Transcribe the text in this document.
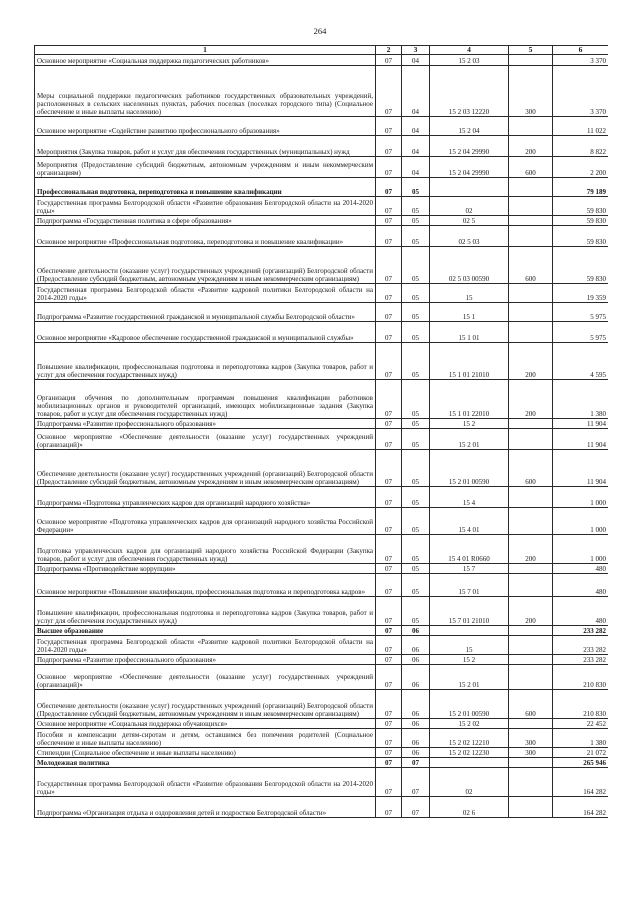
264
1	2	3	4	5	6
Основное мероприятие «Социальная поддержка педагогических работников»	07	04	15 2 03		3 370
Меры социальной поддержки педагогических работников государственных образовательных учреждений, расположенных в сельских населенных пунктах, рабочих поселках (поселках городского типа) (Социальное обеспечение и иные выплаты населению)	07	04	15 2 03 12220	300	3 370
Основное мероприятие «Содействие развитию профессионального образования»	07	04	15 2 04		11 022
Мероприятия (Закупка товаров, работ и услуг для обеспечения государственных (муниципальных) нужд	07	04	15 2 04 29990	200	8 822
Мероприятия (Предоставление субсидий бюджетным, автономным учреждениям и иным некоммерческим организациям)	07	04	15 2 04 29990	600	2 200
Профессиональная подготовка, переподготовка и повышение квалификации	07	05			79 189
Государственная программа Белгородской области «Развитие образования Белгородской области на 2014-2020 годы»	07	05	02		59 830
Подпрограмма «Государственная политика в сфере образования»	07	05	02 5		59 830
Основное мероприятие «Профессиональная подготовка, переподготовка и повышение квалификации»	07	05	02 5 03		59 830
Обеспечение деятельности (оказание услуг) государственных учреждений (организаций) Белгородской области (Предоставление субсидий бюджетным, автономным учреждениям и иным некоммерческим организациям)	07	05	02 5 03 00590	600	59 830
Государственная программа Белгородской области «Развитие кадровой политики Белгородской области на 2014-2020 годы»	07	05	15		19 359
Подпрограмма «Развитие государственной гражданской и муниципальной службы Белгородской области»	07	05	15 1		5 975
Основное мероприятие «Кадровое обеспечение государственной гражданской и муниципальной службы»	07	05	15 1 01		5 975
Повышение квалификации, профессиональная подготовка и переподготовка кадров (Закупка товаров, работ и услуг для обеспечения государственных нужд)	07	05	15 1 01 21010	200	4 595
Организация обучения по дополнительным программам повышения квалификации работников мобилизационных органов и руководителей организаций, имеющих мобилизационные задания (Закупка товаров, работ и услуг для обеспечения государственных нужд)	07	05	15 1 01 22010	200	1 380
Подпрограмма «Развитие профессионального образования»	07	05	15 2		11 904
Основное мероприятие «Обеспечение деятельности (оказание услуг) государственных учреждений (организаций)»	07	05	15 2 01		11 904
Обеспечение деятельности (оказание услуг) государственных учреждений (организаций) Белгородской области (Предоставление субсидий бюджетным, автономным учреждениям и иным некоммерческим организациям)	07	05	15 2 01 00590	600	11 904
Подпрограмма «Подготовка управленческих кадров для организаций народного хозяйства»	07	05	15 4		1 000
Основное мероприятие «Подготовка управленческих кадров для организаций народного хозяйства Российской Федерации»	07	05	15 4 01		1 000
Подготовка управленческих кадров для организаций народного хозяйства Российской Федерации (Закупка товаров, работ и услуг для обеспечения государственных нужд)	07	05	15 4 01 R0660	200	1 000
Подпрограмма «Противодействие коррупции»	07	05	15 7		480
Основное мероприятие «Повышение квалификации, профессиональная подготовка и переподготовка кадров»	07	05	15 7 01		480
Повышение квалификации, профессиональная подготовка и переподготовка кадров (Закупка товаров, работ и услуг для обеспечения государственных нужд)	07	05	15 7 01 21010	200	480
Высшее образование	07	06			233 282
Государственная программа Белгородской области «Развитие кадровой политики Белгородской области на 2014-2020 годы»	07	06	15		233 282
Подпрограмма «Развитие профессионального образования»	07	06	15 2		233 282
Основное мероприятие «Обеспечение деятельности (оказание услуг) государственных учреждений (организаций)»	07	06	15 2 01		210 830
Обеспечение деятельности (оказание услуг) государственных учреждений (организаций) Белгородской области (Предоставление субсидий бюджетным, автономным учреждениям и иным некоммерческим организациям)	07	06	15 2 01 00590	600	210 830
Основное мероприятие «Социальная поддержка обучающихся»	07	06	15 2 02		22 452
Пособия и компенсации детям-сиротам и детям, оставшимся без попечения родителей (Социальное обеспечение и иные выплаты населению)	07	06	15 2 02 12210	300	1 380
Стипендии (Социальное обеспечение и иные выплаты населению)	07	06	15 2 02 12230	300	21 072
Молодежная политика	07	07			265 946
Государственная программа Белгородской области «Развитие образования Белгородской области на 2014-2020 годы»	07	07	02		164 282
Подпрограмма «Организация отдыха и оздоровления детей и подростков Белгородской области»	07	07	02 6		164 282
